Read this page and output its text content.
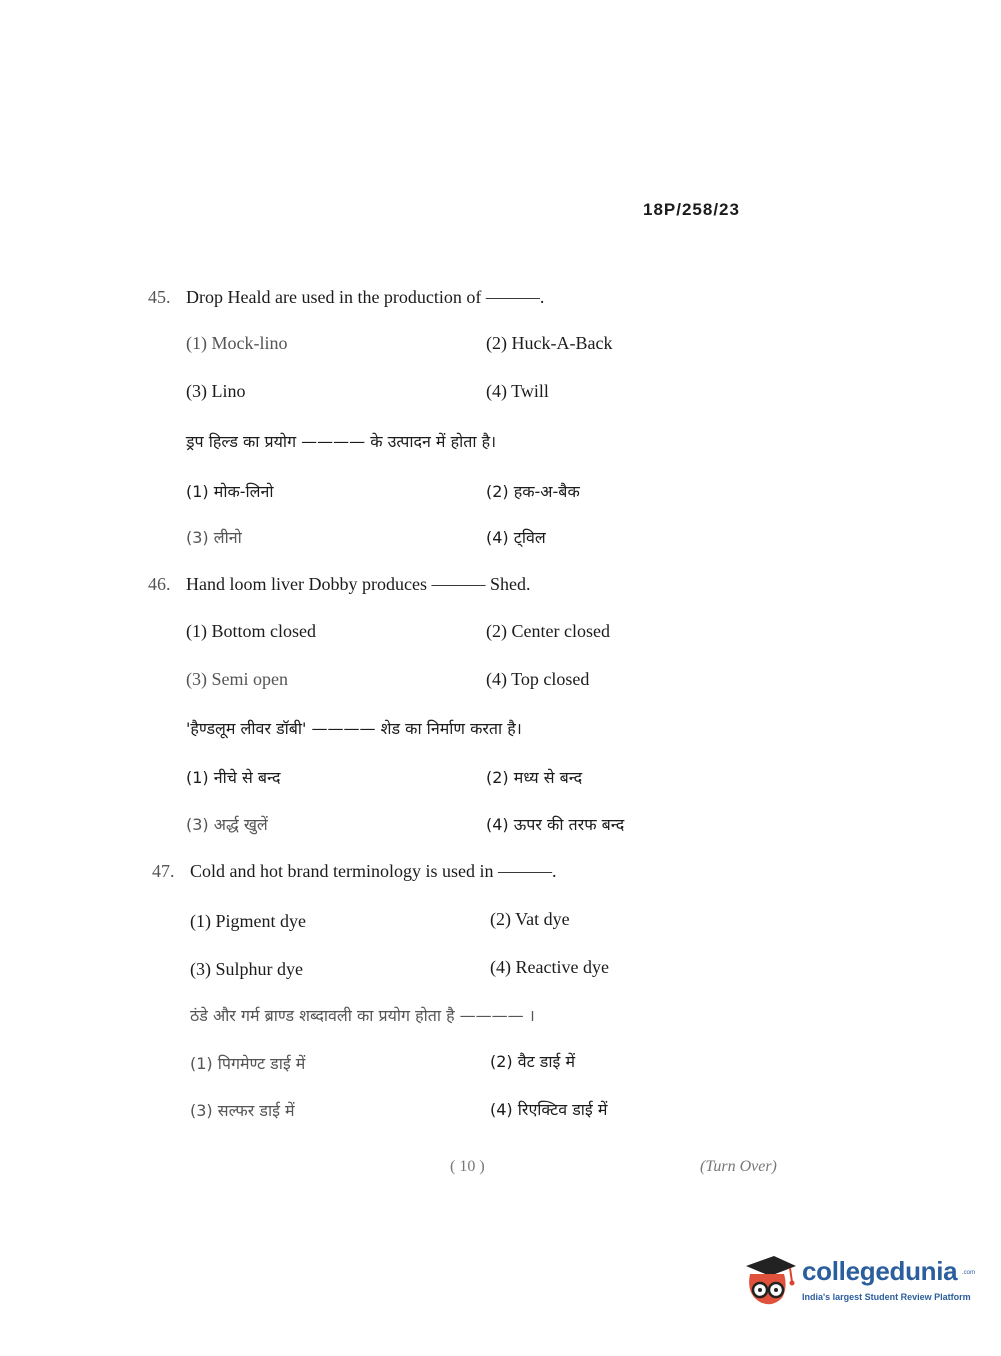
18P/258/23
45. Drop Heald are used in the production of ———.
(1) Mock-lino	(2) Huck-A-Back
(3) Lino	(4) Twill
ड्रप हिल्ड का प्रयोग ———— के उत्पादन में होता है।
(1) मोक-लिनो	(2) हक-अ-बैक
(3) लीनो	(4) ट्विल
46. Hand loom liver Dobby produces ——— Shed.
(1) Bottom closed	(2) Center closed
(3) Semi open	(4) Top closed
'हैण्डलूम लीवर डॉबी' ———— शेड का निर्माण करता है।
(1) नीचे से बन्द	(2) मध्य से बन्द
(3) अर्द्ध खुलें	(4) ऊपर की तरफ बन्द
47. Cold and hot brand terminology is used in ———.
(1) Pigment dye	(2) Vat dye
(3) Sulphur dye	(4) Reactive dye
ठंडे और गर्म ब्राण्ड शब्दावली का प्रयोग होता है ———— ।
(1) पिगमेण्ट डाई में	(2) वैट डाई में
(3) सल्फर डाई में	(4) रिएक्टिव डाई में
( 10 )	(Turn Over)
collegedunia .com
India's largest Student Review Platform
